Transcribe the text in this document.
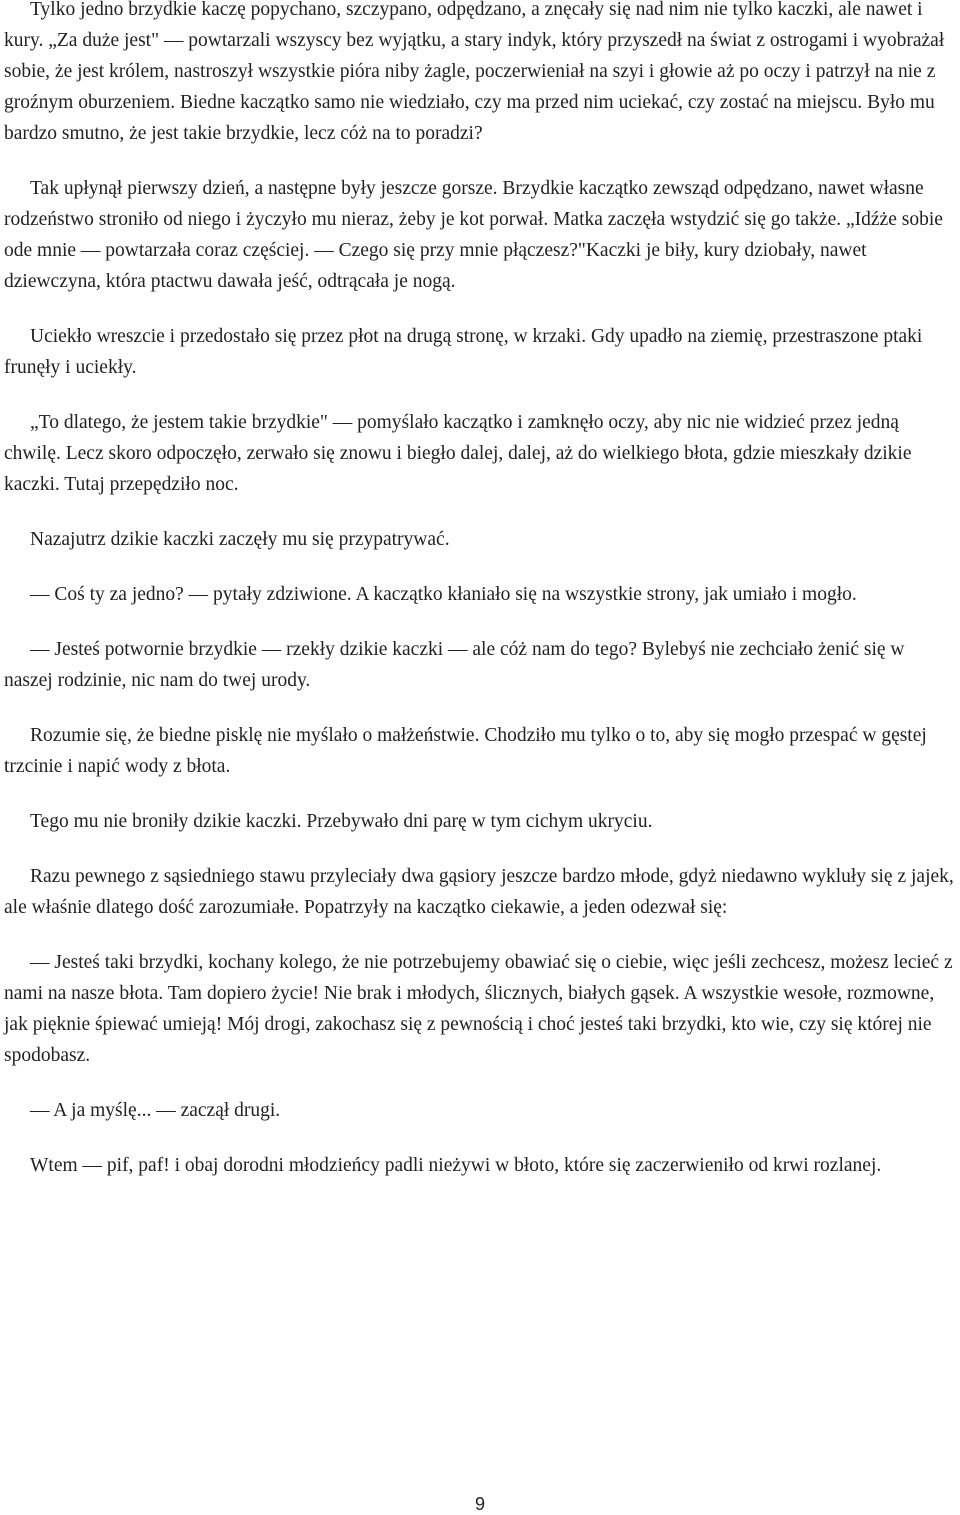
Tylko jedno brzydkie kaczę popychano, szczypano, odpędzano, a znęcały się nad nim nie tylko kaczki, ale nawet i kury. „Za duże jest" — powtarzali wszyscy bez wyjątku, a stary indyk, który przyszedł na świat z ostrogami i wyobrażał sobie, że jest królem, nastroszył wszystkie pióra niby żagle, poczerwieniał na szyi i głowie aż po oczy i patrzył na nie z groźnym oburzeniem. Biedne kaczątko samo nie wiedziało, czy ma przed nim uciekać, czy zostać na miejscu. Było mu bardzo smutno, że jest takie brzydkie, lecz cóż na to poradzi?

Tak upłynął pierwszy dzień, a następne były jeszcze gorsze. Brzydkie kaczątko zewsząd odpędzano, nawet własne rodzeństwo stroniło od niego i życzyło mu nieraz, żeby je kot porwał. Matka zaczęła wstydzić się go także. „Idźże sobie ode mnie — powtarzała coraz częściej. — Czego się przy mnie płączesz?"Kaczki je biły, kury dziobały, nawet dziewczyna, która ptactwu dawała jeść, odtrącała je nogą.

Uciekło wreszcie i przedostało się przez płot na drugą stronę, w krzaki. Gdy upadło na ziemię, przestraszone ptaki frunęły i uciekły.

„To dlatego, że jestem takie brzydkie" — pomyślało kaczątko i zamknęło oczy, aby nic nie widzieć przez jedną chwilę. Lecz skoro odpoczęło, zerwało się znowu i biegło dalej, dalej, aż do wielkiego błota, gdzie mieszkały dzikie kaczki. Tutaj przepędziło noc.

Nazajutrz dzikie kaczki zaczęły mu się przypatrywać.

— Coś ty za jedno? — pytały zdziwione. A kaczątko kłaniało się na wszystkie strony, jak umiało i mogło.

— Jesteś potwornie brzydkie — rzekły dzikie kaczki — ale cóż nam do tego? Bylebyś nie zechciało żenić się w naszej rodzinie, nic nam do twej urody.

Rozumie się, że biedne pisklę nie myślało o małżeństwie. Chodziło mu tylko o to, aby się mogło przespać w gęstej trzcinie i napić wody z błota.

Tego mu nie broniły dzikie kaczki. Przebywało dni parę w tym cichym ukryciu.

Razu pewnego z sąsiedniego stawu przyleciały dwa gąsiory jeszcze bardzo młode, gdyż niedawno wykluły się z jajek, ale właśnie dlatego dość zarozumiałe. Popatrzyły na kaczątko ciekawie, a jeden odezwał się:

— Jesteś taki brzydki, kochany kolego, że nie potrzebujemy obawiać się o ciebie, więc jeśli zechcesz, możesz lecieć z nami na nasze błota. Tam dopiero życie! Nie brak i młodych, ślicznych, białych gąsek. A wszystkie wesołe, rozmowne, jak pięknie śpiewać umieją! Mój drogi, zakochasz się z pewnością i choć jesteś taki brzydki, kto wie, czy się której nie spodobasz.

— A ja myślę... — zaczął drugi.

Wtem — pif, paf! i obaj dorodni młodzieńcy padli nieżywi w błoto, które się zaczerwieniło od krwi rozlanej.

9
